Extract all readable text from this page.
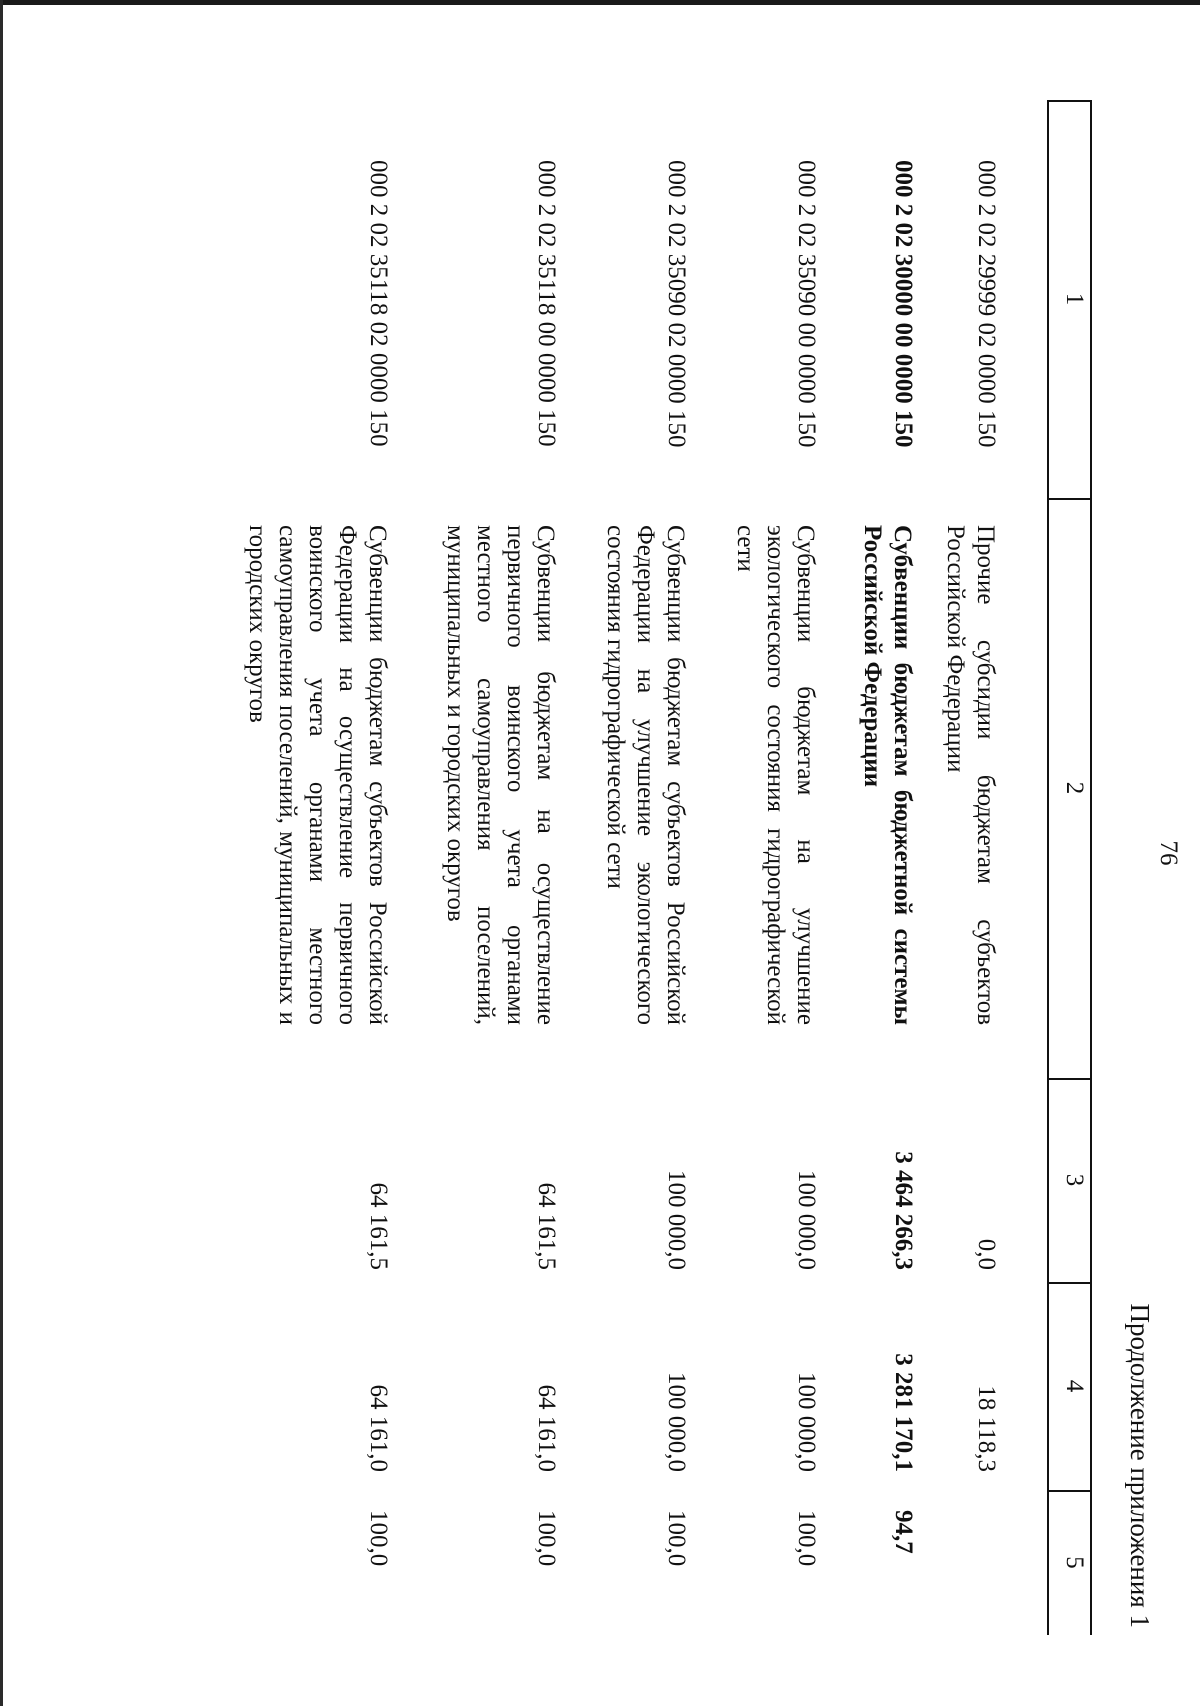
76
Продолжение приложения 1
1
2
3
4
5
000 2 02 29999 02 0000 150
Прочие субсидии бюджетам субъектов Российской Федерации
0,0
18 118,3
000 2 02 30000 00 0000 150
Субвенции бюджетам бюджетной системы Российской Федерации
3 464 266,3
3 281 170,1
94,7
000 2 02 35090 00 0000 150
Субвенции бюджетам на улучшение экологического состояния гидрографической сети
100 000,0
100 000,0
100,0
000 2 02 35090 02 0000 150
Субвенции бюджетам субъектов Российской Федерации на улучшение экологического состояния гидрографической сети
100 000,0
100 000,0
100,0
000 2 02 35118 00 0000 150
Субвенции бюджетам на осуществление первичного воинского учета органами местного самоуправления поселений, муниципальных и городских округов
64 161,5
64 161,0
100,0
000 2 02 35118 02 0000 150
Субвенции бюджетам субъектов Российской Федерации на осуществление первичного воинского учета органами местного самоуправления поселений, муниципальных и городских округов
64 161,5
64 161,0
100,0
